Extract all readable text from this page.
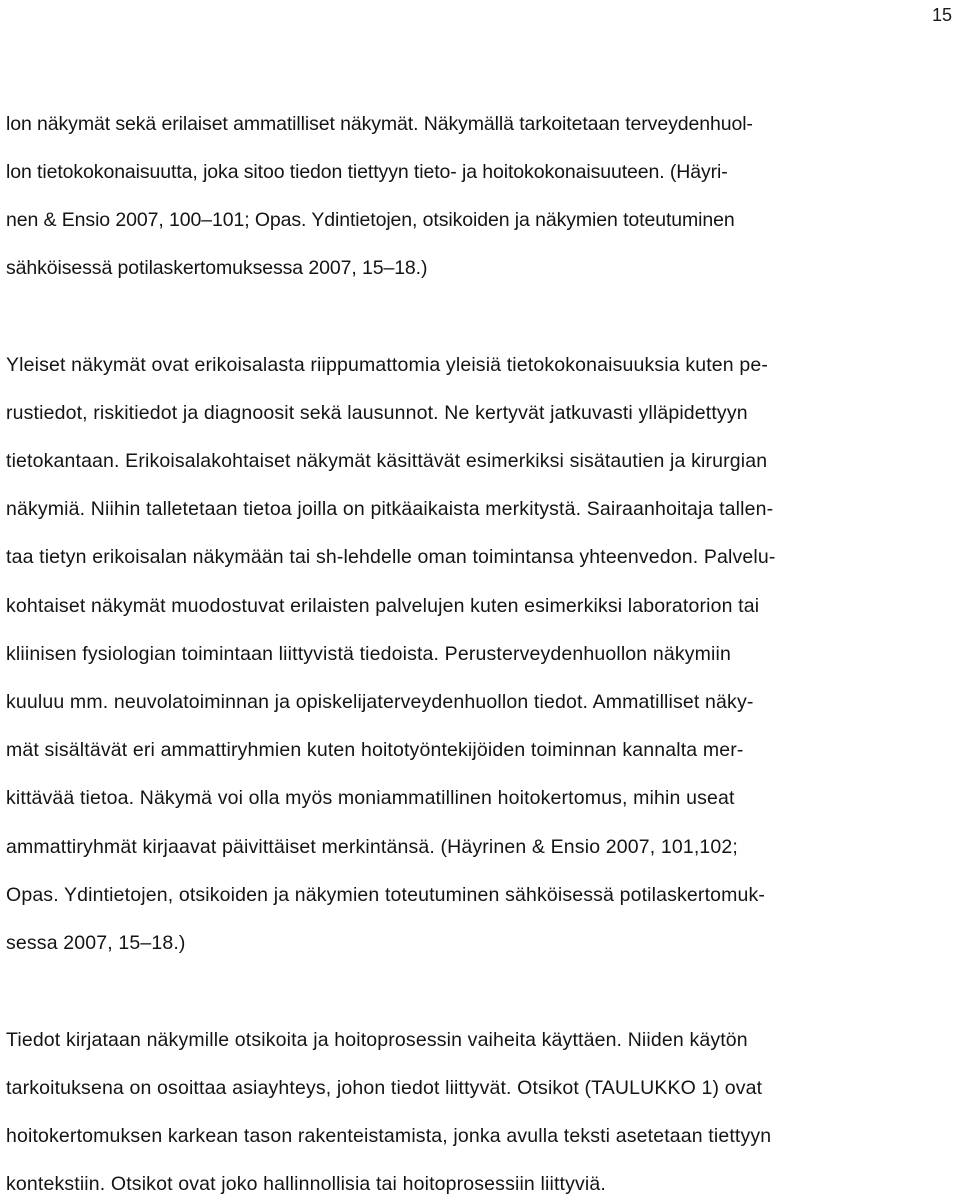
15

lon näkymät sekä erilaiset ammatilliset näkymät. Näkymällä tarkoitetaan terveydenhuol-

lon tietokokonaisuutta, joka sitoo tiedon tiettyyn tieto- ja hoitokokonaisuuteen. (Häyri-

nen & Ensio 2007, 100–101; Opas. Ydintietojen, otsikoiden ja näkymien toteutuminen

sähköisessä potilaskertomuksessa 2007, 15–18.)

Yleiset näkymät ovat erikoisalasta riippumattomia yleisiä tietokokonaisuuksia kuten pe-

rustiedot, riskitiedot ja diagnoosit sekä lausunnot. Ne kertyvät jatkuvasti ylläpidettyyn

tietokantaan. Erikoisalakohtaiset näkymät käsittävät esimerkiksi sisätautien ja kirurgian

näkymiä. Niihin talletetaan tietoa joilla on pitkäaikaista merkitystä. Sairaanhoitaja tallen-

taa tietyn erikoisalan näkymään tai sh-lehdelle oman toimintansa yhteenvedon. Palvelu-

kohtaiset näkymät muodostuvat erilaisten palvelujen kuten esimerkiksi laboratorion tai

kliinisen fysiologian toimintaan liittyvistä tiedoista. Perusterveydenhuollon näkymiin

kuuluu mm. neuvolatoiminnan ja opiskelijaterveydenhuollon tiedot. Ammatilliset näky-

mät sisältävät eri ammattiryhmien kuten hoitotyöntekijöiden toiminnan kannalta mer-

kittävää tietoa. Näkymä voi olla myös moniammatillinen hoitokertomus, mihin useat

ammattiryhmät kirjaavat päivittäiset merkintänsä. (Häyrinen & Ensio 2007, 101,102;

Opas. Ydintietojen, otsikoiden ja näkymien toteutuminen sähköisessä potilaskertomuk-

sessa 2007, 15–18.)

Tiedot kirjataan näkymille otsikoita ja hoitoprosessin vaiheita käyttäen. Niiden käytön

tarkoituksena on osoittaa asiayhteys, johon tiedot liittyvät. Otsikot (TAULUKKO 1) ovat

hoitokertomuksen karkean tason rakenteistamista, jonka avulla teksti asetetaan tiettyyn

kontekstiin. Otsikot ovat joko hallinnollisia tai hoitoprosessiin liittyviä.
